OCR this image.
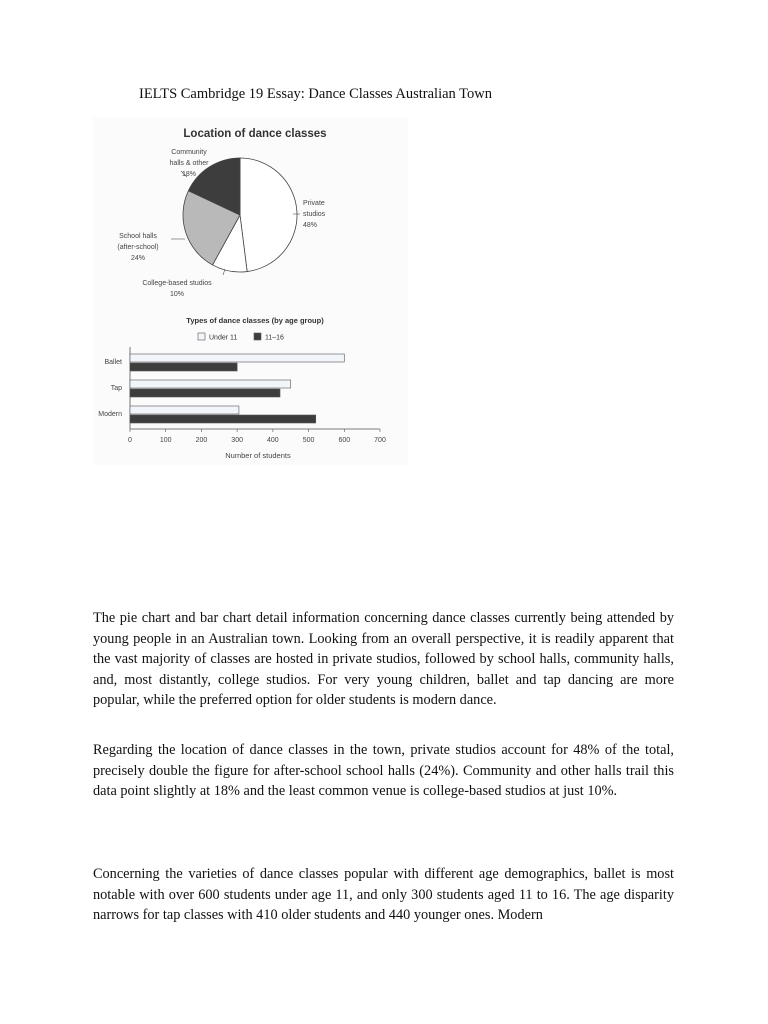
IELTS Cambridge 19 Essay: Dance Classes Australian Town
Location of dance classes
Private studios 48%
College-based studios 10%
School halls (after-school) 24%
Community halls & other 18%
Types of dance classes (by age group)
Under 11	11–16
Ballet
Tap
Modern
0	100	200	300	400	500	600	700
Number of students

The pie chart and bar chart detail information concerning dance classes currently being attended by young people in an Australian town. Looking from an overall perspective, it is readily apparent that the vast majority of classes are hosted in private studios, followed by school halls, community halls, and, most distantly, college studios. For very young children, ballet and tap dancing are more popular, while the preferred option for older students is modern dance.

Regarding the location of dance classes in the town, private studios account for 48% of the total, precisely double the figure for after-school school halls (24%). Community and other halls trail this data point slightly at 18% and the least common venue is college-based studios at just 10%.

Concerning the varieties of dance classes popular with different age demographics, ballet is most notable with over 600 students under age 11, and only 300 students aged 11 to 16. The age disparity narrows for tap classes with 410 older students and 440 younger ones. Modern
